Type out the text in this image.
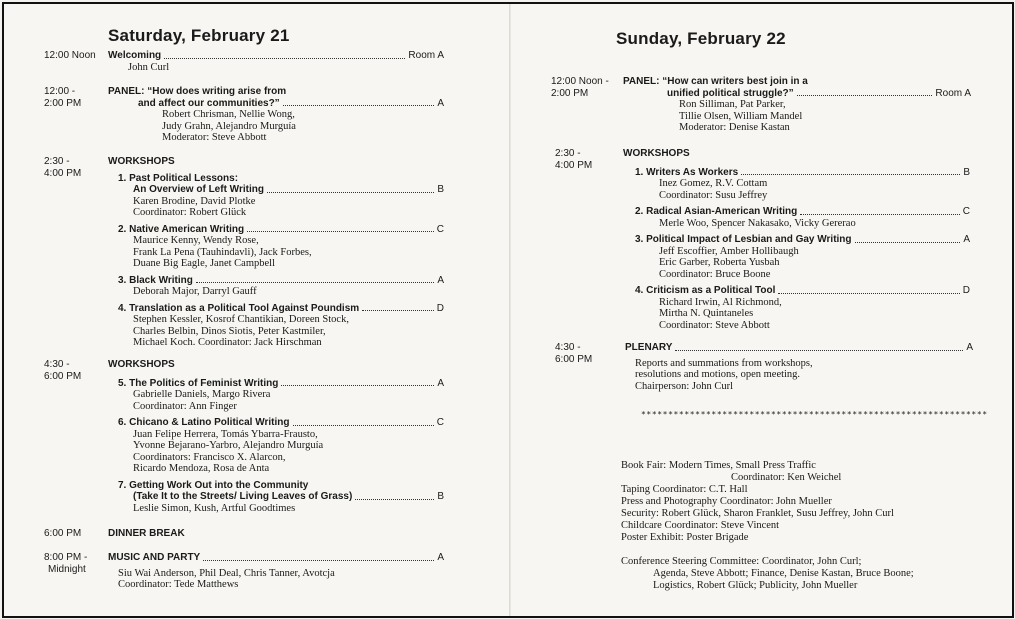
Saturday, February 21
12:00 Noon	Welcoming	Room A
John Curl
12:00 -
2:00 PM
PANEL: “How does writing arise from
and affect our communities?”	A
Robert Chrisman, Nellie Wong,
Judy Grahn, Alejandro Murguía
Moderator: Steve Abbott
2:30 -
4:00 PM
WORKSHOPS
1. Past Political Lessons:
An Overview of Left Writing	B
Karen Brodine, David Plotke
Coordinator: Robert Glück
2. Native American Writing	C
Maurice Kenny, Wendy Rose,
Frank La Pena (Tauhindavli), Jack Forbes,
Duane Big Eagle, Janet Campbell
3. Black Writing	A
Deborah Major, Darryl Gauff
4. Translation as a Political Tool Against Poundism	D
Stephen Kessler, Kosrof Chantikian, Doreen Stock,
Charles Belbin, Dinos Siotis, Peter Kastmiler,
Michael Koch. Coordinator: Jack Hirschman
4:30 -
6:00 PM
WORKSHOPS
5. The Politics of Feminist Writing	A
Gabrielle Daniels, Margo Rivera
Coordinator: Ann Finger
6. Chicano & Latino Political Writing	C
Juan Felipe Herrera, Tomás Ybarra-Frausto,
Yvonne Bejarano-Yarbro, Alejandro Murguía
Coordinators: Francisco X. Alarcon,
Ricardo Mendoza, Rosa de Anta
7. Getting Work Out into the Community
(Take It to the Streets/ Living Leaves of Grass)	B
Leslie Simon, Kush, Artful Goodtimes
6:00 PM	DINNER BREAK
8:00 PM -
Midnight
MUSIC AND PARTY	A
Siu Wai Anderson, Phil Deal, Chris Tanner, Avotcja
Coordinator: Tede Matthews
Sunday, February 22
12:00 Noon -
2:00 PM
PANEL: “How can writers best join in a
unified political struggle?”	Room A
Ron Silliman, Pat Parker,
Tillie Olsen, William Mandel
Moderator: Denise Kastan
2:30 -
4:00 PM
WORKSHOPS
1. Writers As Workers	B
Inez Gomez, R.V. Cottam
Coordinator: Susu Jeffrey
2. Radical Asian-American Writing	C
Merle Woo, Spencer Nakasako, Vicky Gererao
3. Political Impact of Lesbian and Gay Writing	A
Jeff Escoffier, Amber Hollibaugh
Eric Garber, Roberta Yusbah
Coordinator: Bruce Boone
4. Criticism as a Political Tool	D
Richard Irwin, Al Richmond,
Mirtha N. Quintaneles
Coordinator: Steve Abbott
4:30 -
6:00 PM
PLENARY	A
Reports and summations from workshops,
resolutions and motions, open meeting.
Chairperson: John Curl
****************************************************************
Book Fair: Modern Times, Small Press Traffic
Coordinator: Ken Weichel
Taping Coordinator: C.T. Hall
Press and Photography Coordinator: John Mueller
Security: Robert Glück, Sharon Franklet, Susu Jeffrey, John Curl
Childcare Coordinator: Steve Vincent
Poster Exhibit: Poster Brigade
Conference Steering Committee: Coordinator, John Curl;
Agenda, Steve Abbott; Finance, Denise Kastan, Bruce Boone;
Logistics, Robert Glück; Publicity, John Mueller
